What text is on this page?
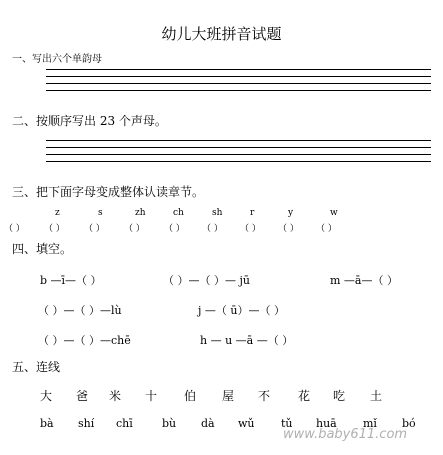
幼儿大班拼音试题
一、写出六个单韵母
二、按顺序写出 23 个声母。
三、把下面字母变成整体认读章节。
z	s	zh	ch	sh	r	y	w
（ ） （ ） （ ） （ ） （ ） （ ） （ ） （ ） （ ）
四、填空。
b —ī—（ ）	（ ）—（ ）— jū	m —ā—（ ）
（ ）—（ ）—lù	j —（ ū）—（ ）
（ ）—（ ）—chē	h — u —ā —（ ）
五、连线
大 爸 米 十 伯 屋 不 花 吃 土
bà shí chī	bù dà wǔ tǔ huā mǐ bó
www.baby611.com
